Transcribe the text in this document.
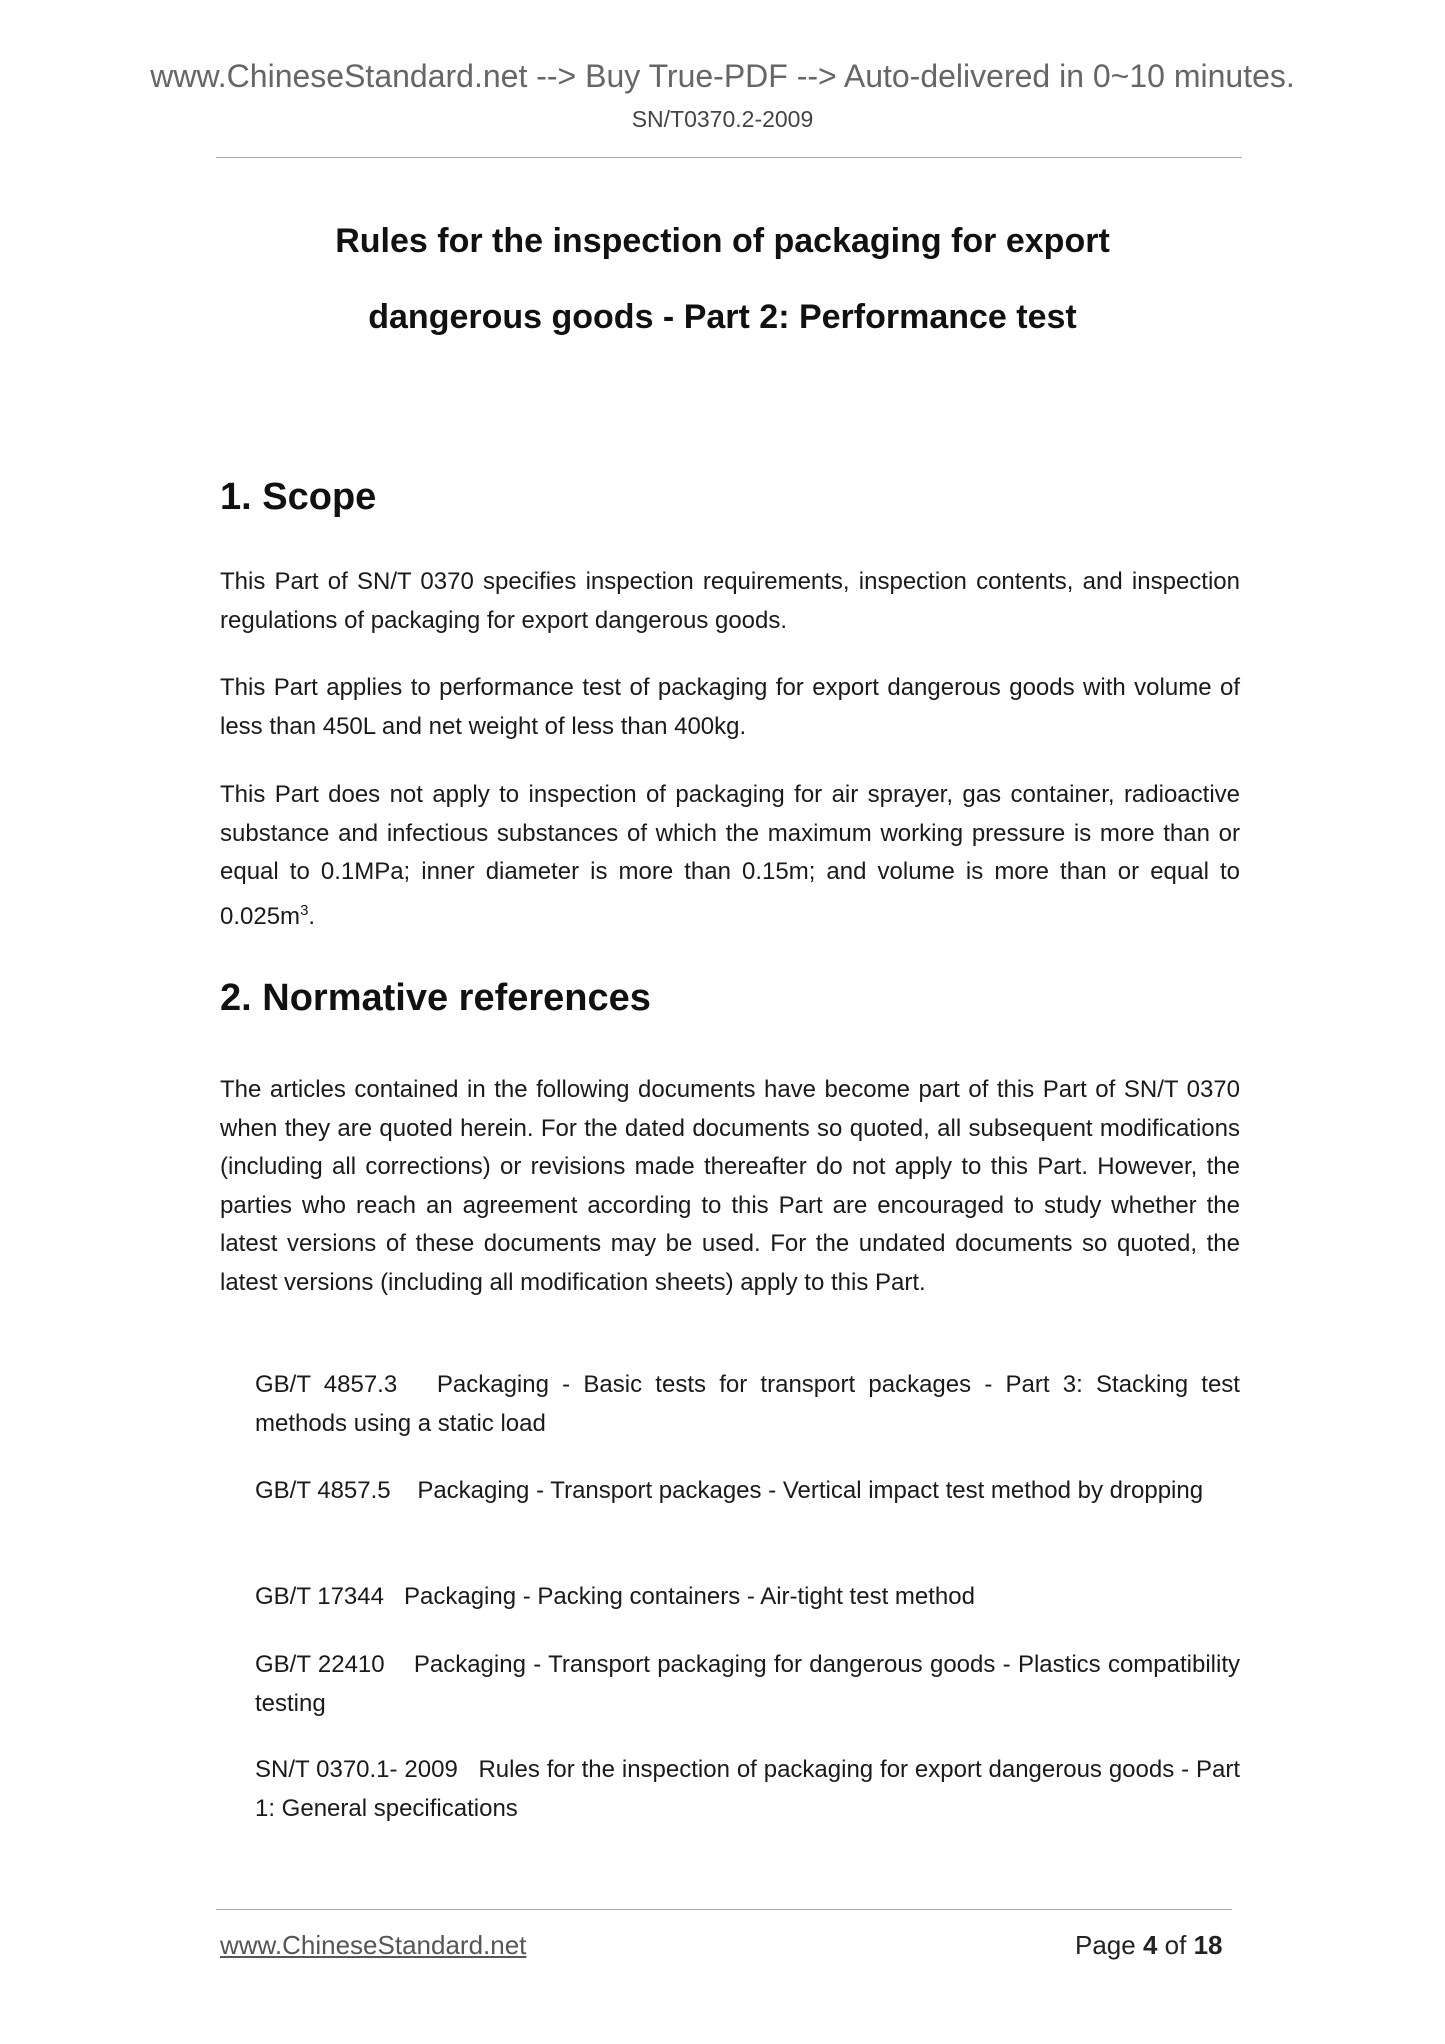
www.ChineseStandard.net --> Buy True-PDF --> Auto-delivered in 0~10 minutes.
SN/T0370.2-2009
Rules for the inspection of packaging for export
dangerous goods - Part 2: Performance test
1. Scope
This Part of SN/T 0370 specifies inspection requirements, inspection contents, and inspection regulations of packaging for export dangerous goods.
This Part applies to performance test of packaging for export dangerous goods with volume of less than 450L and net weight of less than 400kg.
This Part does not apply to inspection of packaging for air sprayer, gas container, radioactive substance and infectious substances of which the maximum working pressure is more than or equal to 0.1MPa; inner diameter is more than 0.15m; and volume is more than or equal to $0.025m^3$.
2. Normative references
The articles contained in the following documents have become part of this Part of SN/T 0370 when they are quoted herein. For the dated documents so quoted, all subsequent modifications (including all corrections) or revisions made thereafter do not apply to this Part. However, the parties who reach an agreement according to this Part are encouraged to study whether the latest versions of these documents may be used. For the undated documents so quoted, the latest versions (including all modification sheets) apply to this Part.
GB/T 4857.3 Packaging - Basic tests for transport packages - Part 3: Stacking test methods using a static load
GB/T 4857.5 Packaging - Transport packages - Vertical impact test method by dropping
GB/T 17344 Packaging - Packing containers - Air-tight test method
GB/T 22410 Packaging - Transport packaging for dangerous goods - Plastics compatibility testing
SN/T 0370.1- 2009 Rules for the inspection of packaging for export dangerous goods - Part 1: General specifications
www.ChineseStandard.net	Page 4 of 18
